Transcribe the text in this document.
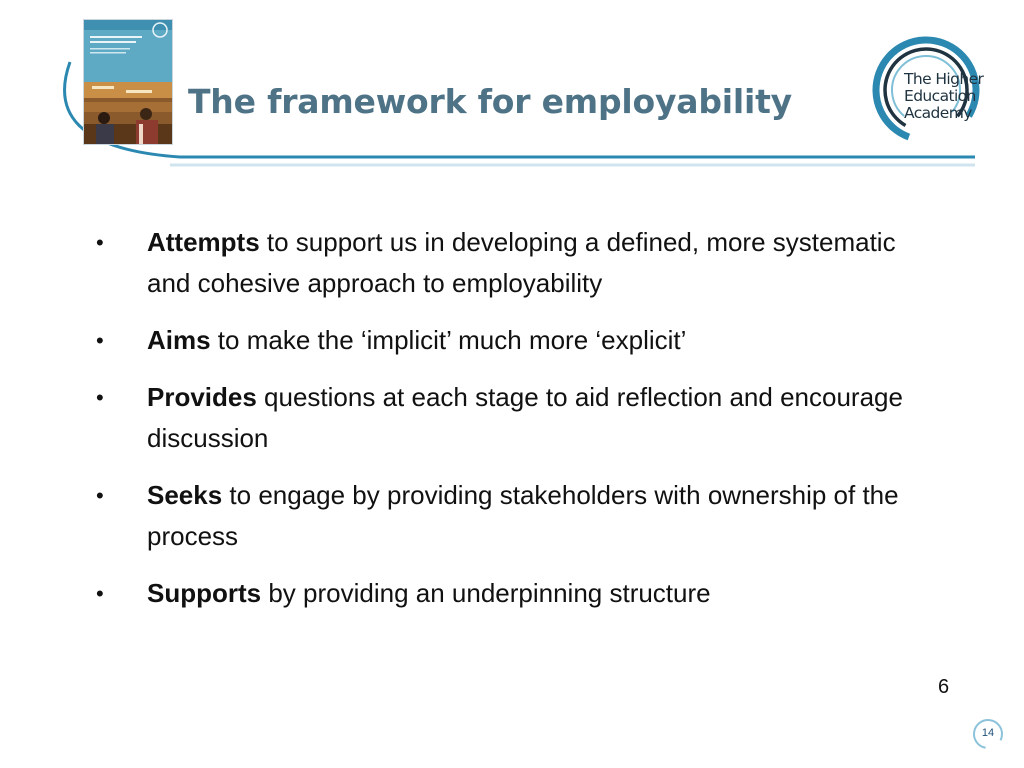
The framework for employability
The Higher
Education
Academy
•	Attempts to support us in developing a defined, more systematic and cohesive approach to employability
•	Aims to make the ‘implicit’ much more ‘explicit’
•	Provides questions at each stage to aid reflection and encourage discussion
•	Seeks to engage by providing stakeholders with ownership of the process
•	Supports by providing an underpinning structure
6
14
